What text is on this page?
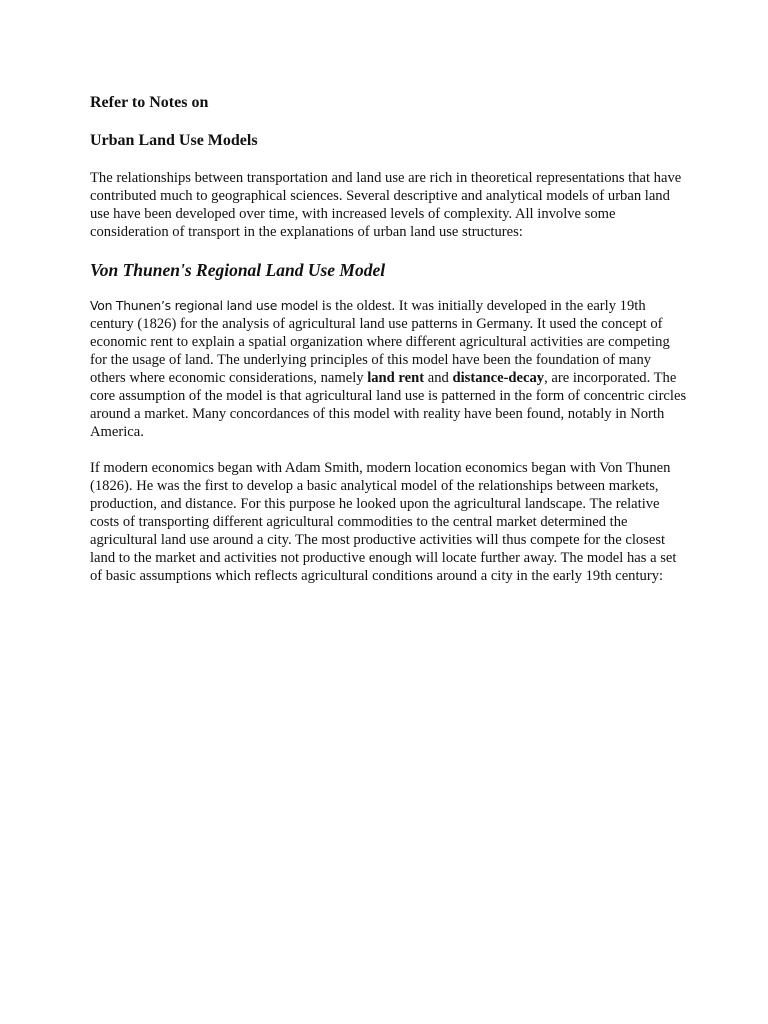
Refer to Notes on

Urban Land Use Models

The relationships between transportation and land use are rich in theoretical representations that have contributed much to geographical sciences. Several descriptive and analytical models of urban land use have been developed over time, with increased levels of complexity. All involve some consideration of transport in the explanations of urban land use structures:

Von Thunen's Regional Land Use Model

Von Thunen’s regional land use model is the oldest. It was initially developed in the early 19th century (1826) for the analysis of agricultural land use patterns in Germany. It used the concept of economic rent to explain a spatial organization where different agricultural activities are competing for the usage of land. The underlying principles of this model have been the foundation of many others where economic considerations, namely land rent and distance-decay, are incorporated. The core assumption of the model is that agricultural land use is patterned in the form of concentric circles around a market. Many concordances of this model with reality have been found, notably in North America.

If modern economics began with Adam Smith, modern location economics began with Von Thunen (1826). He was the first to develop a basic analytical model of the relationships between markets, production, and distance. For this purpose he looked upon the agricultural landscape. The relative costs of transporting different agricultural commodities to the central market determined the agricultural land use around a city. The most productive activities will thus compete for the closest land to the market and activities not productive enough will locate further away. The model has a set of basic assumptions which reflects agricultural conditions around a city in the early 19th century:
